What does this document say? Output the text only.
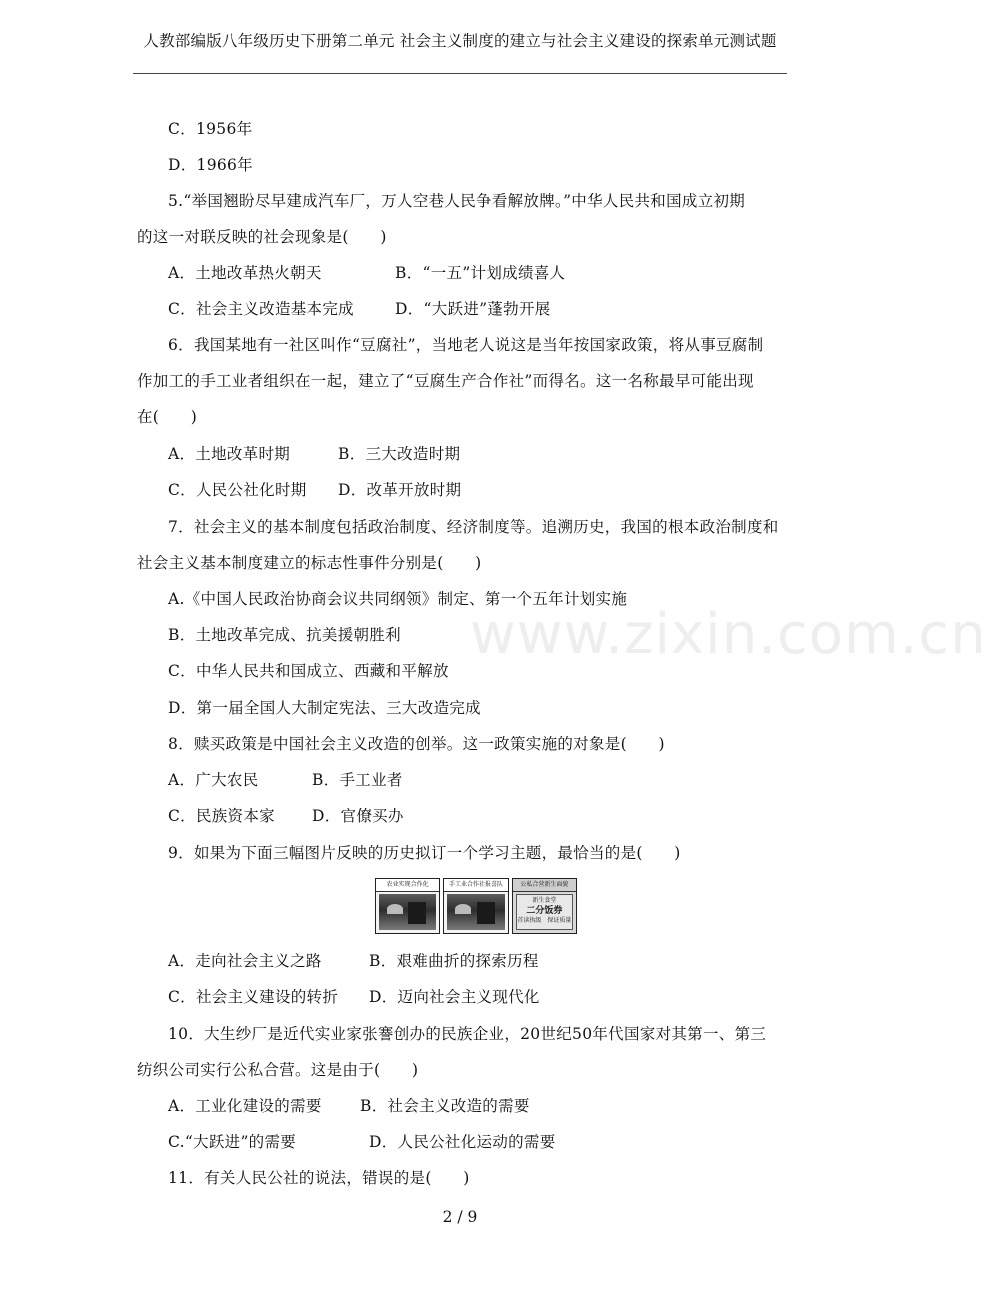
人教部编版八年级历史下册第二单元 社会主义制度的建立与社会主义建设的探索单元测试题
www.zixin.com.cn
C．1956年
D．1966年
5.“举国翘盼尽早建成汽车厂，万人空巷人民争看解放牌。”中华人民共和国成立初期
的这一对联反映的社会现象是(　　)
A．土地改革热火朝天	B．“一五”计划成绩喜人
C．社会主义改造基本完成	D．“大跃进”蓬勃开展
6．我国某地有一社区叫作“豆腐社”，当地老人说这是当年按国家政策，将从事豆腐制
作加工的手工业者组织在一起，建立了“豆腐生产合作社”而得名。这一名称最早可能出现
在(　　)
A．土地改革时期	B．三大改造时期
C．人民公社化时期 D．改革开放时期
7．社会主义的基本制度包括政治制度、经济制度等。追溯历史，我国的根本政治制度和
社会主义基本制度建立的标志性事件分别是(　　)
A.《中国人民政治协商会议共同纲领》制定、第一个五年计划实施
B．土地改革完成、抗美援朝胜利
C．中华人民共和国成立、西藏和平解放
D．第一届全国人大制定宪法、三大改造完成
8．赎买政策是中国社会主义改造的创举。这一政策实施的对象是(　　)
A．广大农民	B．手工业者
C．民族资本家 D．官僚买办
9．如果为下面三幅图片反映的历史拟订一个学习主题，最恰当的是(　　)
农业实现合作化	手工业合作社报喜队	公私合营新生面貌
新生食堂
二分饭券
首读执级　保证质量
A．走向社会主义之路	B．艰难曲折的探索历程
C．社会主义建设的转折 D．迈向社会主义现代化
10．大生纱厂是近代实业家张謇创办的民族企业，20世纪50年代国家对其第一、第三
纺织公司实行公私合营。这是由于(　　)
A．工业化建设的需要 B．社会主义改造的需要
C.“大跃进”的需要	D．人民公社化运动的需要
11．有关人民公社的说法，错误的是(　　)
2 / 9
